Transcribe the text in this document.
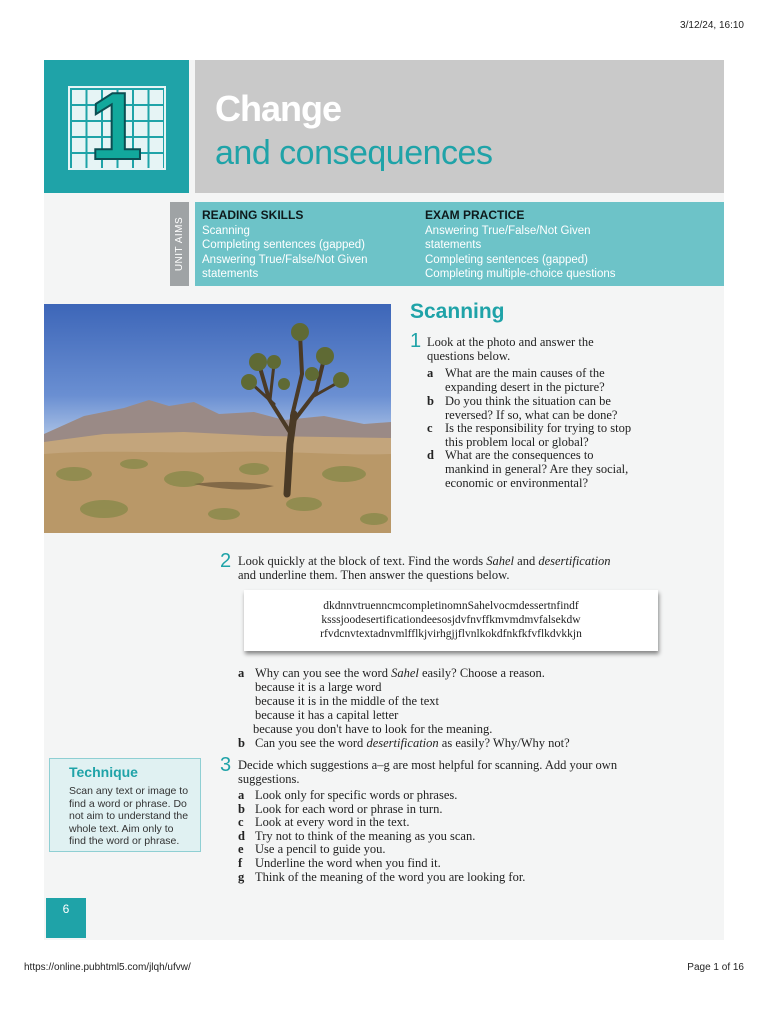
3/12/24, 16:10
1 Change
and consequences
UNIT AIMS
READING SKILLS
Scanning
Completing sentences (gapped)
Answering True/False/Not Given
statements
EXAM PRACTICE
Answering True/False/Not Given
statements
Completing sentences (gapped)
Completing multiple-choice questions
Scanning
1 Look at the photo and answer the
questions below.
a What are the main causes of the
expanding desert in the picture?
b Do you think the situation can be
reversed? If so, what can be done?
c Is the responsibility for trying to stop
this problem local or global?
d What are the consequences to
mankind in general? Are they social,
economic or environmental?
2 Look quickly at the block of text. Find the words Sahel and desertification
and underline them. Then answer the questions below.
dkdnnvtruenncmcompletinomnSahelvocmdessertnfindf
ksssjoodesertificationdeesosjdvfnvffkmvmdmvfalsekdw
rfvdcnvtextadnvmlfflkjvirhgjjflvnlkokdfnkfkfvflkdvkkjn
a Why can you see the word Sahel easily? Choose a reason.
because it is a large word
because it is in the middle of the text
because it has a capital letter
because you don't have to look for the meaning.
b Can you see the word desertification as easily? Why/Why not?
Technique
Scan any text or image to
find a word or phrase. Do
not aim to understand the
whole text. Aim only to
find the word or phrase.
3 Decide which suggestions a–g are most helpful for scanning. Add your own
suggestions.
a Look only for specific words or phrases.
b Look for each word or phrase in turn.
c Look at every word in the text.
d Try not to think of the meaning as you scan.
e Use a pencil to guide you.
f Underline the word when you find it.
g Think of the meaning of the word you are looking for.
6
https://online.pubhtml5.com/jlqh/ufvw/	Page 1 of 16
